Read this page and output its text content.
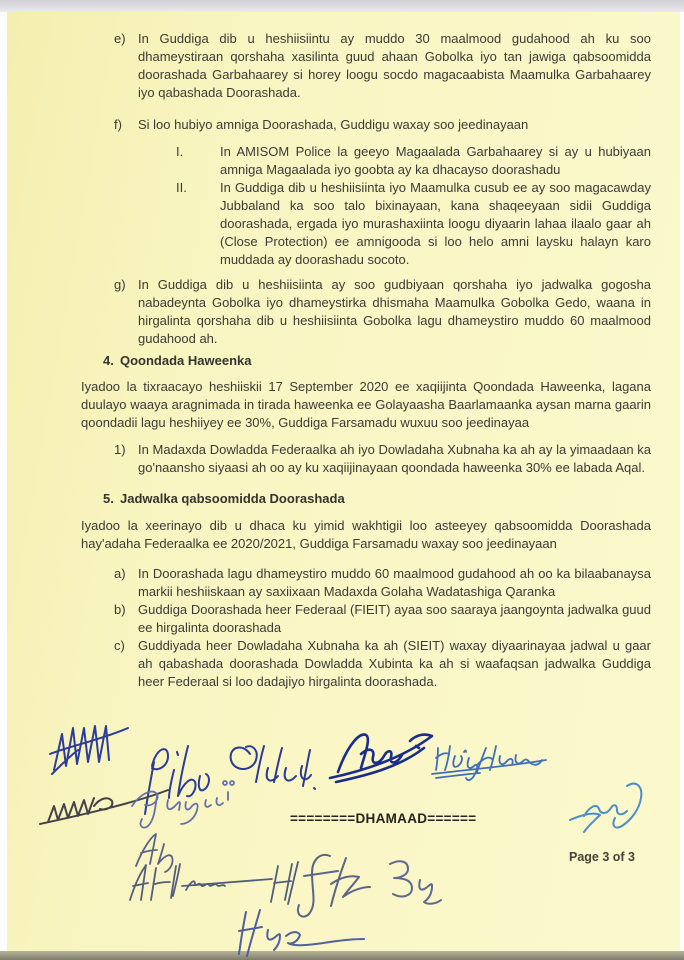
e) In Guddiga dib u heshiisiintu ay muddo 30 maalmood gudahood ah ku soo dhameystiraan qorshaha xasilinta guud ahaan Gobolka iyo tan jawiga qabsoomidda doorashada Garbahaarey si horey loogu socdo magacaabista Maamulka Garbahaarey iyo qabashada Doorashada.
f) Si loo hubiyo amniga Doorashada, Guddigu waxay soo jeedinayaan
I.	In AMISOM Police la geeyo Magaalada Garbahaarey si ay u hubiyaan amniga Magaalada iyo goobta ay ka dhacayso doorashadu
II.	In Guddiga dib u heshiisiinta iyo Maamulka cusub ee ay soo magacawday Jubbaland ka soo talo bixinayaan, kana shaqeeyaan sidii Guddiga doorashada, ergada iyo murashaxiinta loogu diyaarin lahaa ilaalo gaar ah (Close Protection) ee amnigooda si loo helo amni laysku halayn karo muddada ay doorashadu socoto.
g) In Guddiga dib u heshiisiinta ay soo gudbiyaan qorshaha iyo jadwalka gogosha nabadeynta Gobolka iyo dhameystirka dhismaha Maamulka Gobolka Gedo, waana in hirgalinta qorshaha dib u heshiisiinta Gobolka lagu dhameystiro muddo 60 maalmood gudahood ah.
4. Qoondada Haweenka
Iyadoo la tixraacayo heshiiskii 17 September 2020 ee xaqiijinta Qoondada Haweenka, lagana duulayo waaya aragnimada in tirada haweenka ee Golayaasha Baarlamaanka aysan marna gaarin qoondadii lagu heshiiyey ee 30%, Guddiga Farsamadu wuxuu soo jeedinayaa
1) In Madaxda Dowladda Federaalka ah iyo Dowladaha Xubnaha ka ah ay la yimaadaan ka go'naansho siyaasi ah oo ay ku xaqiijinayaan qoondada haweenka 30% ee labada Aqal.
5. Jadwalka qabsoomidda Doorashada
Iyadoo la xeerinayo dib u dhaca ku yimid wakhtigii loo asteeyey qabsoomidda Doorashada hay'adaha Federaalka ee 2020/2021, Guddiga Farsamadu waxay soo jeedinayaan
a) In Doorashada lagu dhameystiro muddo 60 maalmood gudahood ah oo ka bilaabanaysa markii heshiiskaan ay saxiixaan Madaxda Golaha Wadatashiga Qaranka
b) Guddiga Doorashada heer Federaal (FIEIT) ayaa soo saaraya jaangoynta jadwalka guud ee hirgalinta doorashada
c) Guddiyada heer Dowladaha Xubnaha ka ah (SIEIT) waxay diyaarinayaa jadwal u gaar ah qabashada doorashada Dowladda Xubinta ka ah si waafaqsan jadwalka Guddiga heer Federaal si loo dadajiyo hirgalinta doorashada.
========DHAMAAD======
Page 3 of 3
